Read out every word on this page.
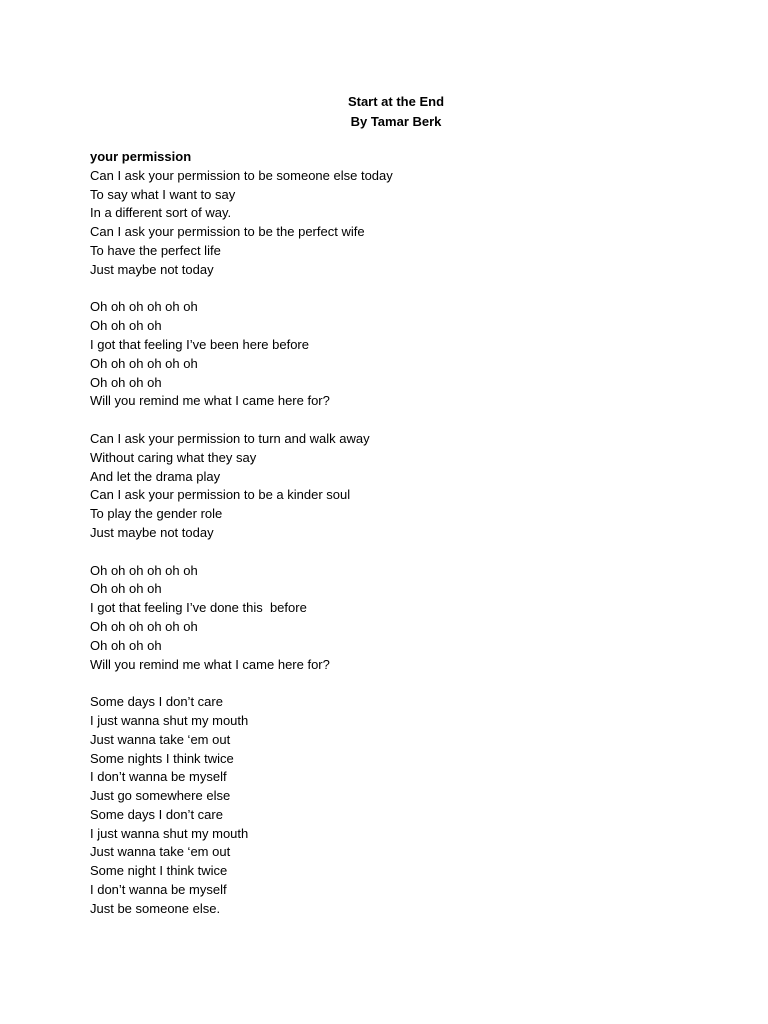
Start at the End
By Tamar Berk
your permission
Can I ask your permission to be someone else today
To say what I want to say
In a different sort of way.
Can I ask your permission to be the perfect wife
To have the perfect life
Just maybe not today
Oh oh oh oh oh oh
Oh oh oh oh
I got that feeling I’ve been here before
Oh oh oh oh oh oh
Oh oh oh oh
Will you remind me what I came here for?
Can I ask your permission to turn and walk away
Without caring what they say
And let the drama play
Can I ask your permission to be a kinder soul
To play the gender role
Just maybe not today
Oh oh oh oh oh oh
Oh oh oh oh
I got that feeling I’ve done this  before
Oh oh oh oh oh oh
Oh oh oh oh
Will you remind me what I came here for?
Some days I don’t care
I just wanna shut my mouth
Just wanna take ‘em out
Some nights I think twice
I don’t wanna be myself
Just go somewhere else
Some days I don’t care
I just wanna shut my mouth
Just wanna take ‘em out
Some night I think twice
I don’t wanna be myself
Just be someone else.
